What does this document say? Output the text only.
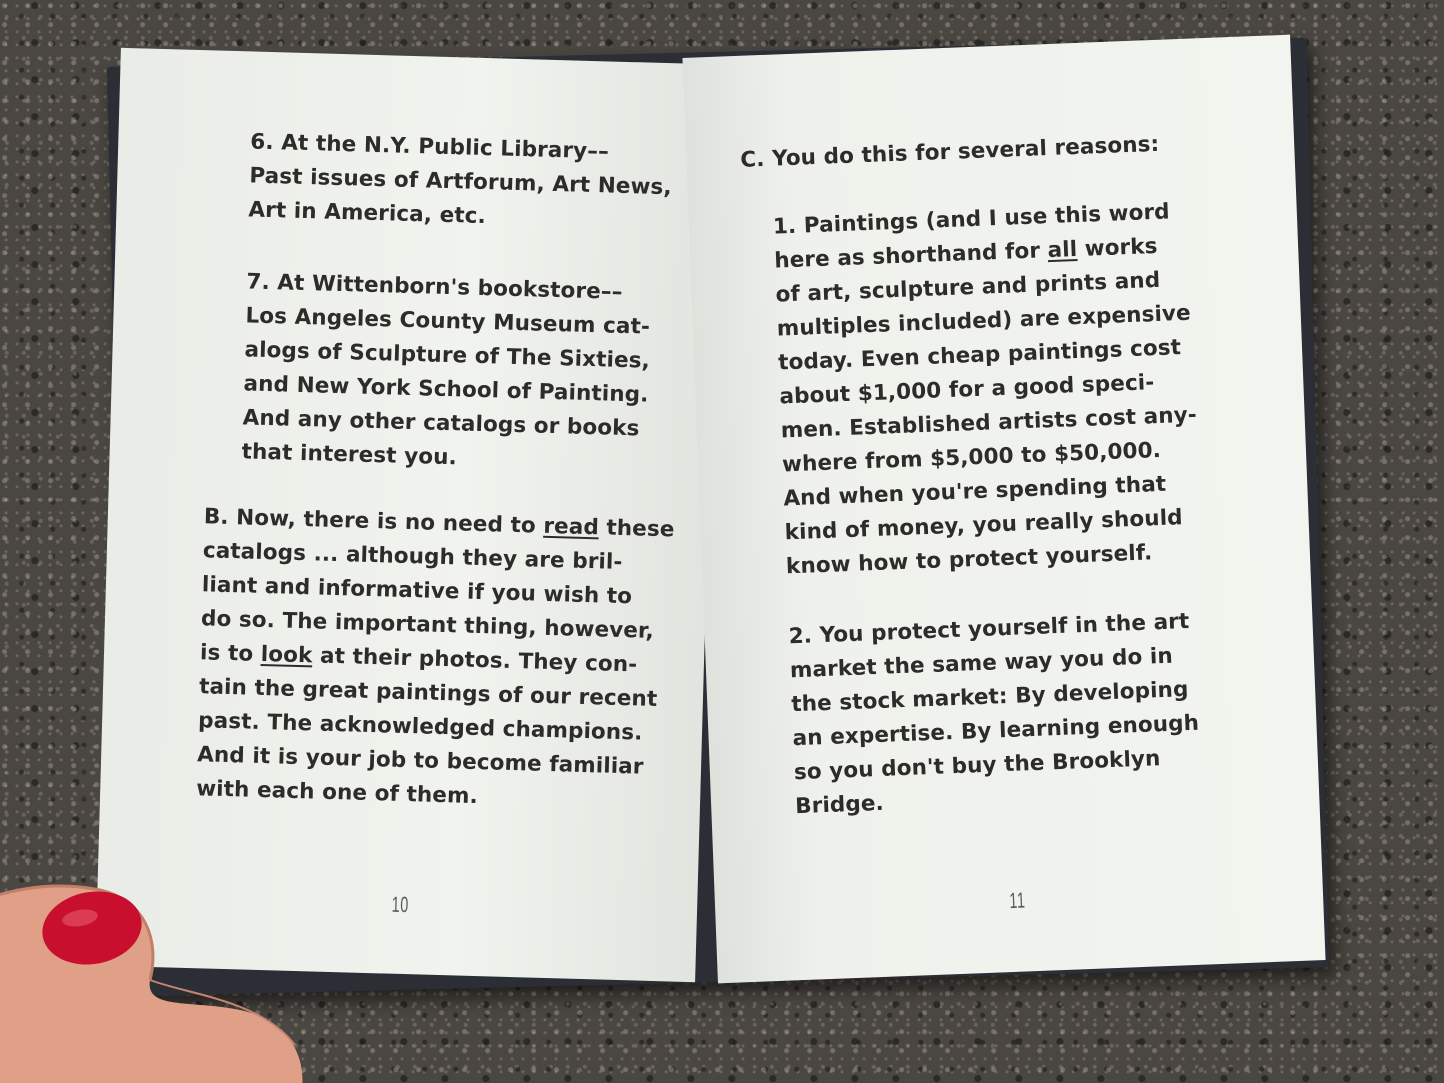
6. At the N.Y. Public Library––
Past issues of Artforum, Art News,
Art in America, etc.

7. At Wittenborn's bookstore––
Los Angeles County Museum cat-
alogs of Sculpture of The Sixties,
and New York School of Painting.
And any other catalogs or books
that interest you.

B. Now, there is no need to read these
catalogs ... although they are bril-
liant and informative if you wish to
do so. The important thing, however,
is to look at their photos. They con-
tain the great paintings of our recent
past. The acknowledged champions.
And it is your job to become familiar
with each one of them.

10

C. You do this for several reasons:

1. Paintings (and I use this word
here as shorthand for all works
of art, sculpture and prints and
multiples included) are expensive
today. Even cheap paintings cost
about $1,000 for a good speci-
men. Established artists cost any-
where from $5,000 to $50,000.
And when you're spending that
kind of money, you really should
know how to protect yourself.

2. You protect yourself in the art
market the same way you do in
the stock market: By developing
an expertise. By learning enough
so you don't buy the Brooklyn
Bridge.

11
